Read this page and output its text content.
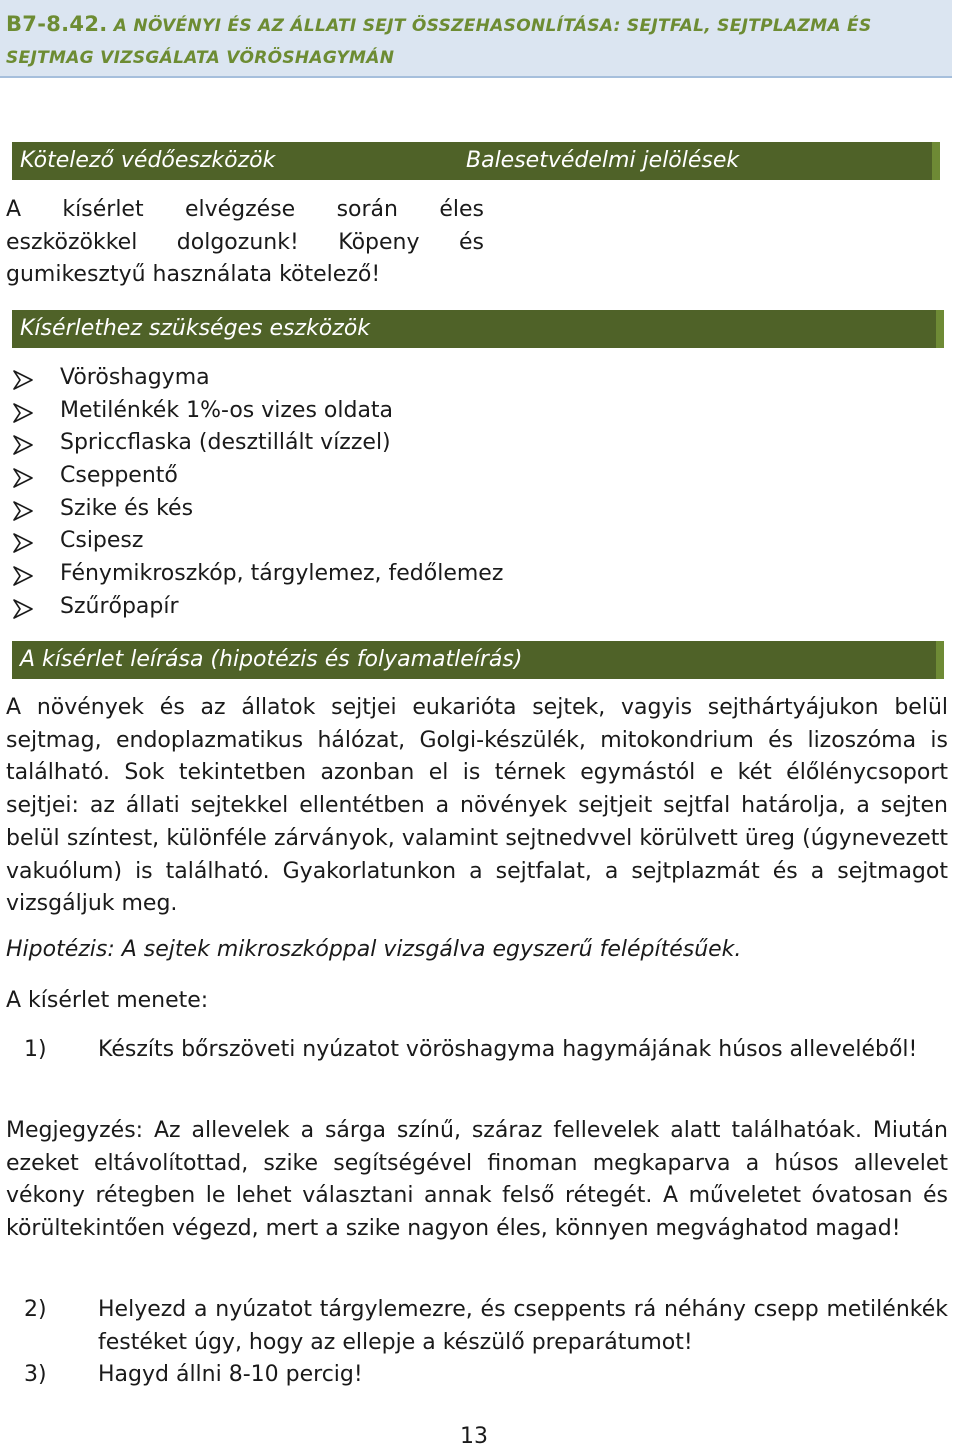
B7-8.42. A NÖVÉNYI ÉS AZ ÁLLATI SEJT ÖSSZEHASONLÍTÁSA: SEJTFAL, SEJTPLAZMA ÉS
SEJTMAG VIZSGÁLATA VÖRÖSHAGYMÁN
Kötelező védőeszközök	Balesetvédelmi jelölések
A kísérlet elvégzése során éles
eszközökkel dolgozunk! Köpeny és
gumikesztyű használata kötelező!
Kísérlethez szükséges eszközök
Vöröshagyma
Metilénkék 1%-os vizes oldata
Spriccflaska (desztillált vízzel)
Cseppentő
Szike és kés
Csipesz
Fénymikroszkóp, tárgylemez, fedőlemez
Szűrőpapír
A kísérlet leírása (hipotézis és folyamatleírás)

A növények és az állatok sejtjei eukarióta sejtek, vagyis sejthártyájukon belül sejtmag, endoplazmatikus hálózat, Golgi-készülék, mitokondrium és lizoszóma is található. Sok tekintetben azonban el is térnek egymástól e két élőlénycsoport sejtjei: az állati sejtekkel ellentétben a növények sejtjeit sejtfal határolja, a sejten belül színtest, különféle zárványok, valamint sejtnedvvel körülvett üreg (úgynevezett vakuólum) is található. Gyakorlatunkon a sejtfalat, a sejtplazmát és a sejtmagot vizsgáljuk meg.

Hipotézis: A sejtek mikroszkóppal vizsgálva egyszerű felépítésűek.
A kísérlet menete:
1) Készíts bőrszöveti nyúzatot vöröshagyma hagymájának húsos alleveléből!

Megjegyzés: Az allevelek a sárga színű, száraz fellevelek alatt találhatóak. Miután ezeket eltávolítottad, szike segítségével finoman megkaparva a húsos allevelet vékony rétegben le lehet választani annak felső rétegét. A műveletet óvatosan és körültekintően végezd, mert a szike nagyon éles, könnyen megvághatod magad!

2) Helyezd a nyúzatot tárgylemezre, és cseppents rá néhány csepp metilénkék festéket úgy, hogy az ellepje a készülő preparátumot!
3) Hagyd állni 8-10 percig!
13
